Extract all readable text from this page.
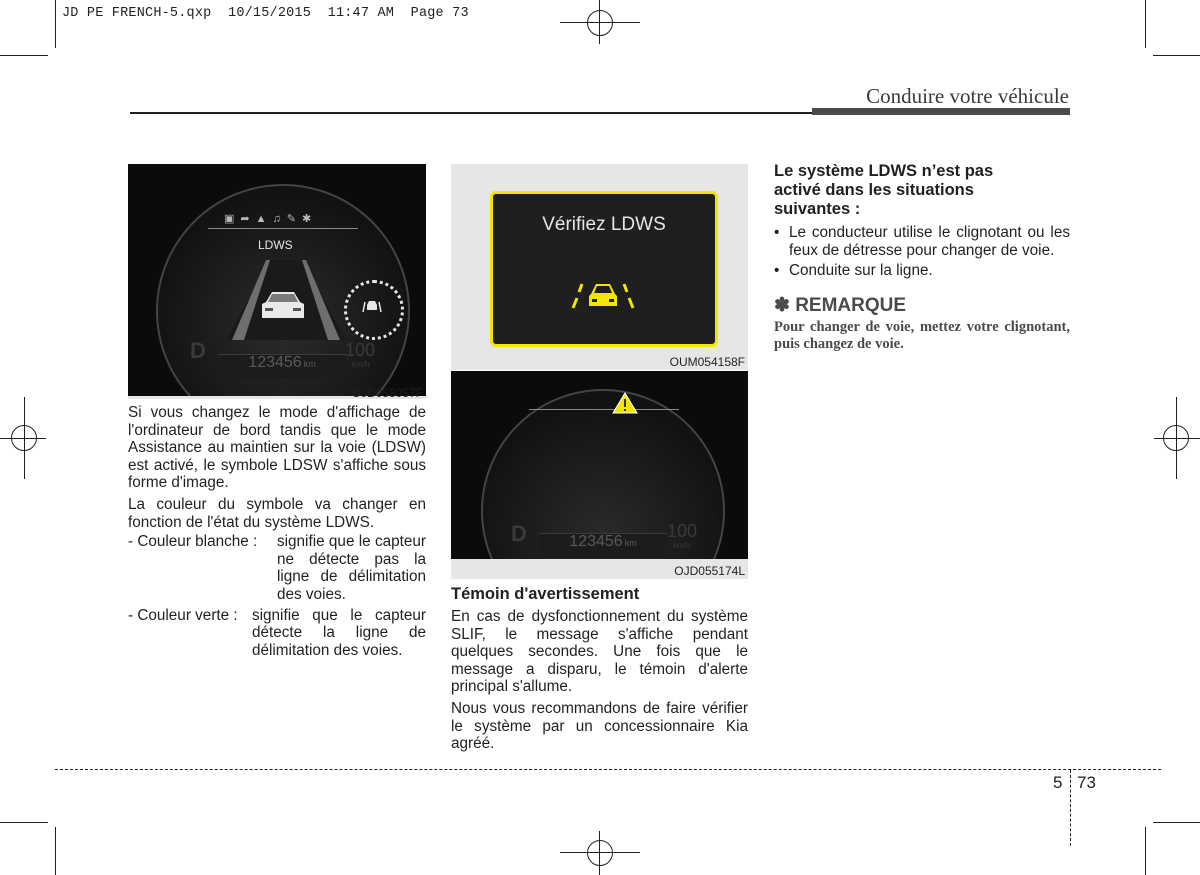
JD PE FRENCH-5.qxp  10/15/2015  11:47 AM  Page 73
Conduire votre véhicule
▣➦▲♫✎✱
LDWS
D	123456 km
100
km/h
OJD055057F
Vérifiez LDWS
OUM054158F
D	123456 km
100
km/h
OJD055174L
Si vous changez le mode d'affichage de l'ordinateur de bord tandis que le mode Assistance au maintien sur la voie (LDSW) est activé, le symbole LDSW s'affiche sous forme d'image.
La couleur du symbole va changer en fonction de l'état du système LDWS.
- Couleur blanche :	signifie que le capteur ne détecte pas la ligne de délimitation des voies.
- Couleur verte : signifie que le capteur détecte la ligne de délimitation des voies.
Témoin d'avertissement
En cas de dysfonctionnement du système SLIF, le message s'affiche pendant quelques secondes. Une fois que le message a disparu, le témoin d'alerte principal s'allume.
Nous vous recommandons de faire vérifier le système par un concessionnaire Kia agréé.
Le système LDWS n’est pas activé dans les situations suivantes :
• Le conducteur utilise le clignotant ou les feux de détresse pour changer de voie.
• Conduite sur la ligne.
✽ REMARQUE
Pour changer de voie, mettez votre clignotant, puis changez de voie.
5 73
